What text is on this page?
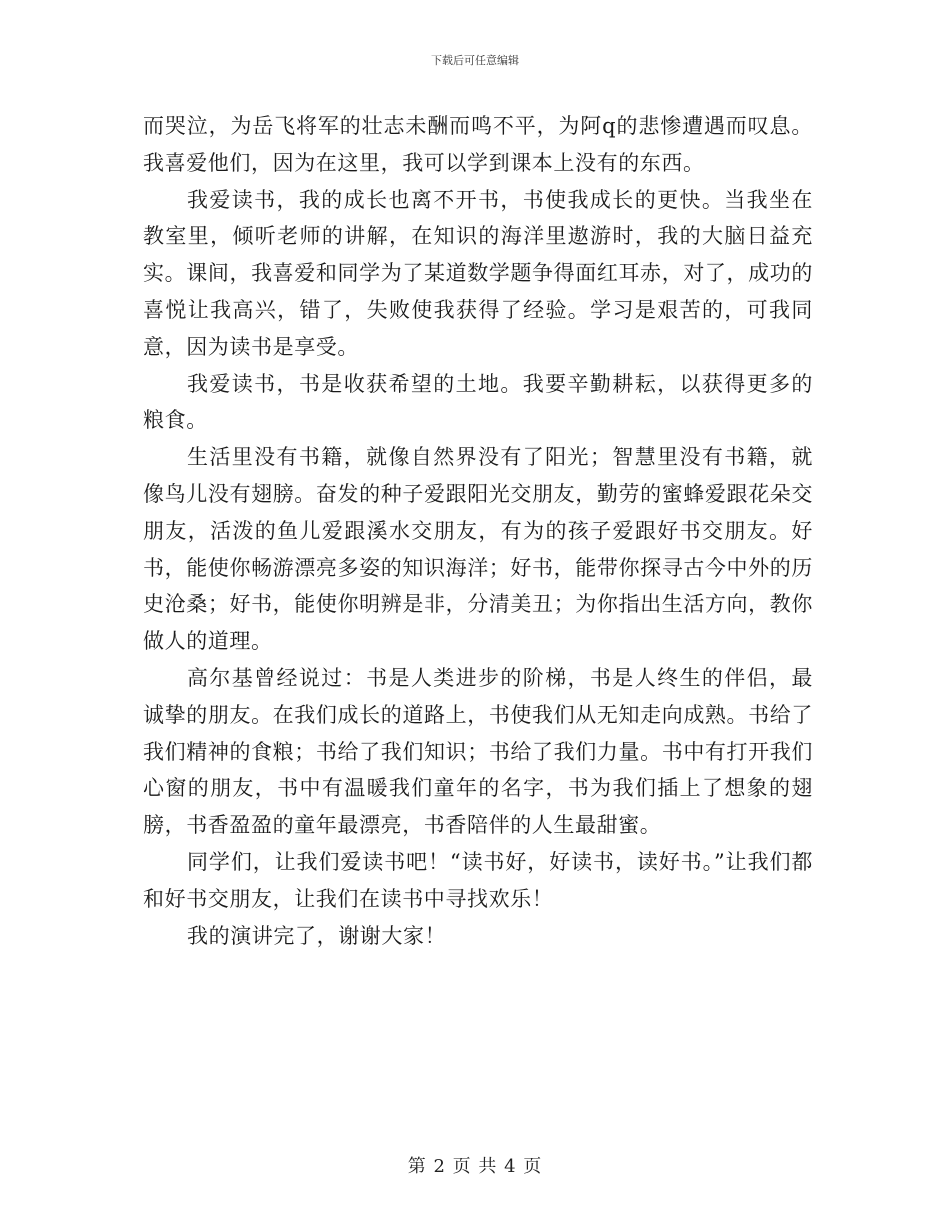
下载后可任意编辑

而哭泣，为岳飞将军的壮志未酬而鸣不平，为阿q的悲惨遭遇而叹息。我喜爱他们，因为在这里，我可以学到课本上没有的东西。

我爱读书，我的成长也离不开书，书使我成长的更快。当我坐在教室里，倾听老师的讲解，在知识的海洋里遨游时，我的大脑日益充实。课间，我喜爱和同学为了某道数学题争得面红耳赤，对了，成功的喜悦让我高兴，错了，失败使我获得了经验。学习是艰苦的，可我同意，因为读书是享受。

我爱读书，书是收获希望的土地。我要辛勤耕耘，以获得更多的粮食。

生活里没有书籍，就像自然界没有了阳光；智慧里没有书籍，就像鸟儿没有翅膀。奋发的种子爱跟阳光交朋友，勤劳的蜜蜂爱跟花朵交朋友，活泼的鱼儿爱跟溪水交朋友，有为的孩子爱跟好书交朋友。好书，能使你畅游漂亮多姿的知识海洋；好书，能带你探寻古今中外的历史沧桑；好书，能使你明辨是非，分清美丑；为你指出生活方向，教你做人的道理。

高尔基曾经说过：书是人类进步的阶梯，书是人终生的伴侣，最诚挚的朋友。在我们成长的道路上，书使我们从无知走向成熟。书给了我们精神的食粮；书给了我们知识；书给了我们力量。书中有打开我们心窗的朋友，书中有温暖我们童年的名字，书为我们插上了想象的翅膀，书香盈盈的童年最漂亮，书香陪伴的人生最甜蜜。

同学们，让我们爱读书吧！“读书好，好读书，读好书。”让我们都和好书交朋友，让我们在读书中寻找欢乐！

我的演讲完了，谢谢大家！

第 2 页 共 4 页
